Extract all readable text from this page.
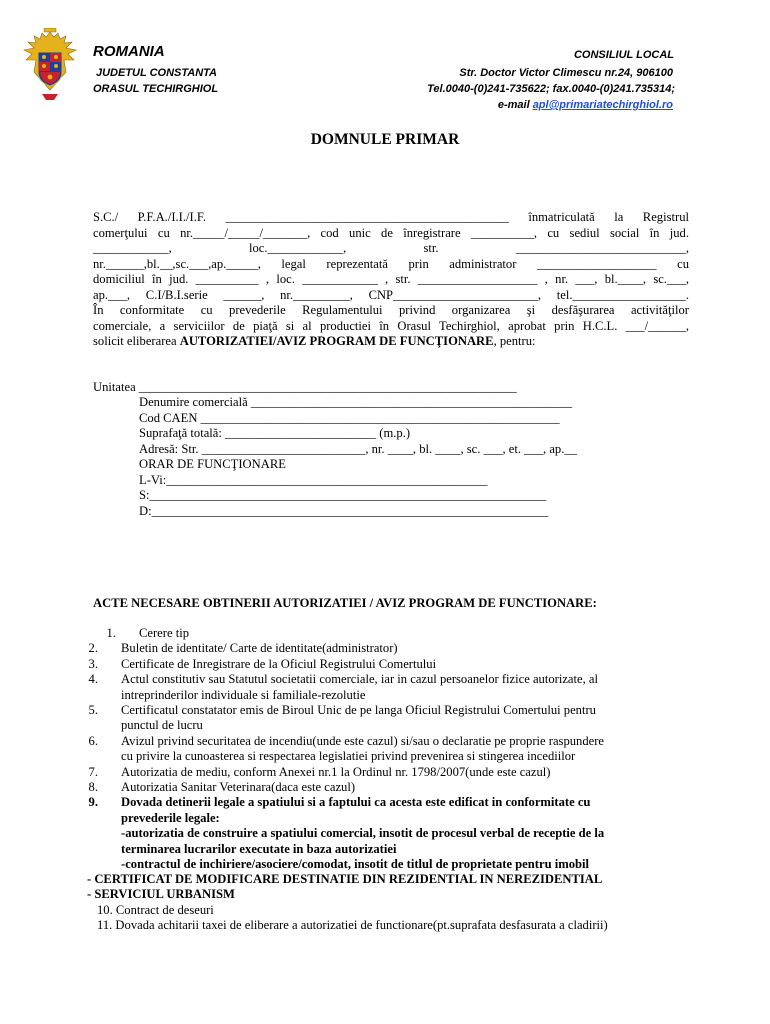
ROMANIA
JUDETUL CONSTANTA
ORASUL TECHIRGHIOL
CONSILIUL LOCAL
Str. Doctor Victor Climescu nr.24, 906100
Tel.0040-(0)241-735622; fax.0040-(0)241.735314;
e-mail apl@primariatechirghiol.ro
DOMNULE PRIMAR
S.C./ P.F.A./I.I./I.F. _____________________________________________ înmatriculată la Registrul
comerţului cu nr._____/_____/_______, cod unic de înregistrare __________, cu sediul social în jud.
____________, loc.____________, str. ___________________________,
nr.______,bl.__,sc.___,ap._____, legal reprezentată prin administrator ___________________ cu
domiciliul în jud. __________ , loc. ____________ , str. ___________________ , nr. ___, bl.____, sc.___,
ap.___, C.I/B.I.serie ______, nr._________, CNP_______________________, tel.__________________.
În conformitate cu prevederile Regulamentului privind organizarea şi desfăşurarea activităţilor
comerciale, a serviciilor de piaţă si al productiei în Orasul Techirghiol, aprobat prin H.C.L. ___/______,
solicit eliberarea AUTORIZATIEI/AVIZ PROGRAM DE FUNCŢIONARE, pentru:
Unitatea ____________________________________________________________
Denumire comercială ___________________________________________________
Cod CAEN _________________________________________________________
Suprafaţă totală: ________________________ (m.p.)
Adresă: Str. __________________________, nr. ____, bl. ____, sc. ___, et. ___, ap.__
ORAR DE FUNCŢIONARE
L-Vi:___________________________________________________
S:_______________________________________________________________
D:_______________________________________________________________
ACTE NECESARE OBTINERII AUTORIZATIEI / AVIZ PROGRAM DE FUNCTIONARE:
1. Cerere tip
2. Buletin de identitate/ Carte de identitate(administrator)
3. Certificate de Inregistrare de la Oficiul Registrului Comertului
4. Actul constitutiv sau Statutul societatii comerciale, iar in cazul persoanelor fizice autorizate, al
intreprinderilor individuale si familiale-rezolutie
5. Certificatul constatator emis de Biroul Unic de pe langa Oficiul Registrului Comertului pentru
punctul de lucru
6. Avizul privind securitatea de incendiu(unde este cazul) si/sau o declaratie pe proprie raspundere
cu privire la cunoasterea si respectarea legislatiei privind prevenirea si stingerea incediilor
7. Autorizatia de mediu, conform Anexei nr.1 la Ordinul nr. 1798/2007(unde este cazul)
8. Autorizatia Sanitar Veterinara(daca este cazul)
9. Dovada detinerii legale a spatiului si a faptului ca acesta este edificat in conformitate cu
prevederile legale:
-autorizatia de construire a spatiului comercial, insotit de procesul verbal de receptie de la
terminarea lucrarilor executate in baza autorizatiei
-contractul de inchiriere/asociere/comodat, insotit de titlul de proprietate pentru imobil
- CERTIFICAT DE MODIFICARE DESTINATIE DIN REZIDENTIAL IN NEREZIDENTIAL
- SERVICIUL URBANISM
10. Contract de deseuri
11. Dovada achitarii taxei de eliberare a autorizatiei de functionare(pt.suprafata desfasurata a cladirii)
